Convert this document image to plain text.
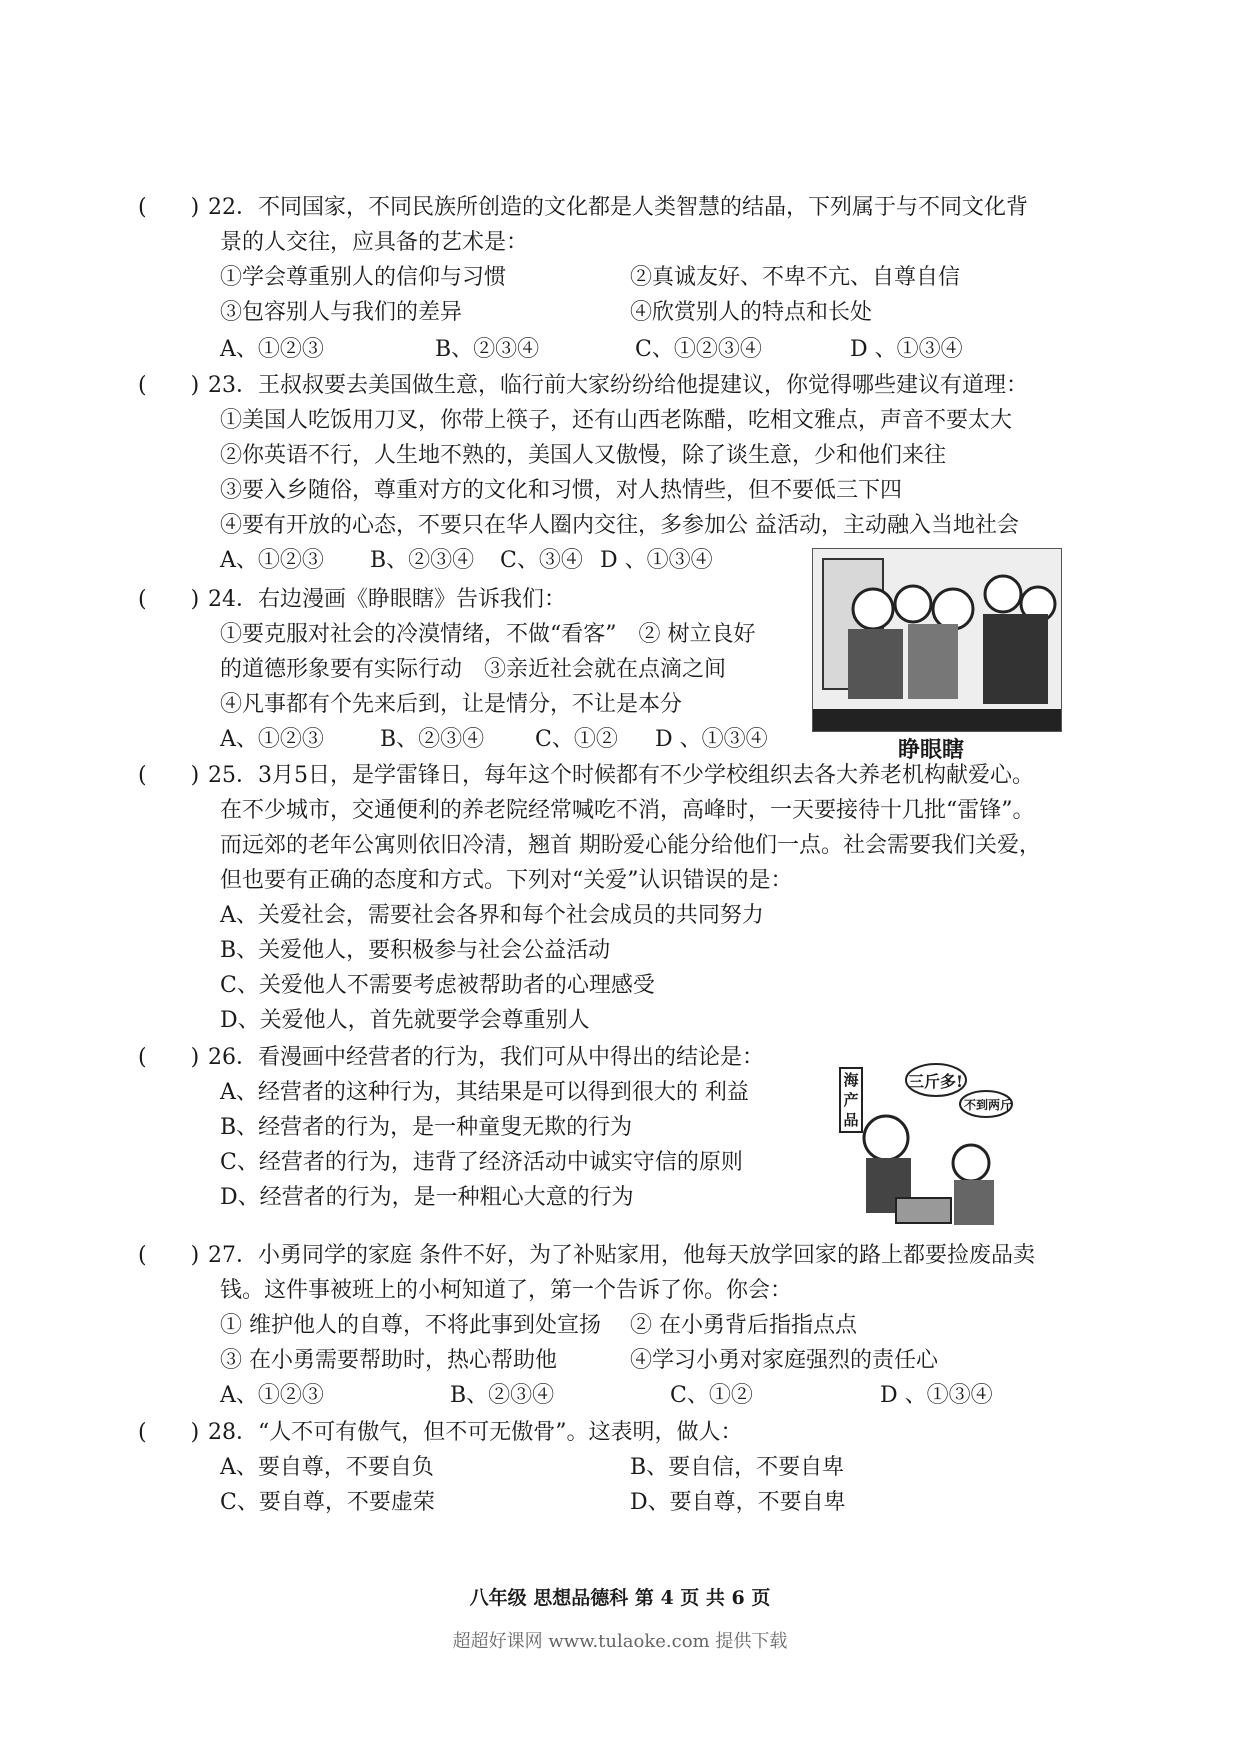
(　　) 22．不同国家，不同民族所创造的文化都是人类智慧的结晶，下列属于与不同文化背
景的人交往，应具备的艺术是：
①学会尊重别人的信仰与习惯	②真诚友好、不卑不亢、自尊自信
③包容别人与我们的差异	④欣赏别人的特点和长处
A、①②③	B、②③④	C、①②③④	D 、①③④
(　　) 23．王叔叔要去美国做生意，临行前大家纷纷给他提建议，你觉得哪些建议有道理：
①美国人吃饭用刀叉，你带上筷子，还有山西老陈醋，吃相文雅点，声音不要太大
②你英语不行，人生地不熟的，美国人又傲慢，除了谈生意，少和他们来往
③要入乡随俗，尊重对方的文化和习惯，对人热情些，但不要低三下四
④要有开放的心态，不要只在华人圈内交往，多参加公 益活动，主动融入当地社会
A、①②③	B、②③④	C、③④ D 、①③④
(　　) 24．右边漫画《睁眼瞎》告诉我们：
①要克服对社会的冷漠情绪，不做“看客”　② 树立良好
的道德形象要有实际行动　③亲近社会就在点滴之间
④凡事都有个先来后到，让是情分，不让是本分
A、①②③	B、②③④	C、①②	D 、①③④	睁眼瞎
(　　) 25．3月5日，是学雷锋日，每年这个时候都有不少学校组织去各大养老机构献爱心。
在不少城市，交通便利的养老院经常喊吃不消，高峰时，一天要接待十几批“雷锋”。
而远郊的老年公寓则依旧冷清，翘首 期盼爱心能分给他们一点。社会需要我们关爱，
但也要有正确的态度和方式。下列对“关爱”认识错误的是：
A、关爱社会，需要社会各界和每个社会成员的共同努力
B、关爱他人，要积极参与社会公益活动
C、关爱他人不需要考虑被帮助者的心理感受
D、关爱他人，首先就要学会尊重别人
(　　) 26．看漫画中经营者的行为，我们可从中得出的结论是：
A、经营者的这种行为，其结果是可以得到很大的 利益
B、经营者的行为，是一种童叟无欺的行为
C、经营者的行为，违背了经济活动中诚实守信的原则
D、经营者的行为，是一种粗心大意的行为
海产品
三斤多!
不到两斤
(　　) 27．小勇同学的家庭 条件不好，为了补贴家用，他每天放学回家的路上都要捡废品卖
钱。这件事被班上的小柯知道了，第一个告诉了你。你会：
① 维护他人的自尊，不将此事到处宣扬	② 在小勇背后指指点点
③ 在小勇需要帮助时，热心帮助他	④学习小勇对家庭强烈的责任心
A、①②③	B、②③④	C、①②	D 、①③④
(　　) 28．“人不可有傲气，但不可无傲骨”。这表明，做人：
A、要自尊，不要自负	B、要自信，不要自卑
C、要自尊，不要虚荣	D、要自尊，不要自卑
八年级 思想品德科 第 4 页 共 6 页
超超好课网 www.tulaoke.com 提供下载
